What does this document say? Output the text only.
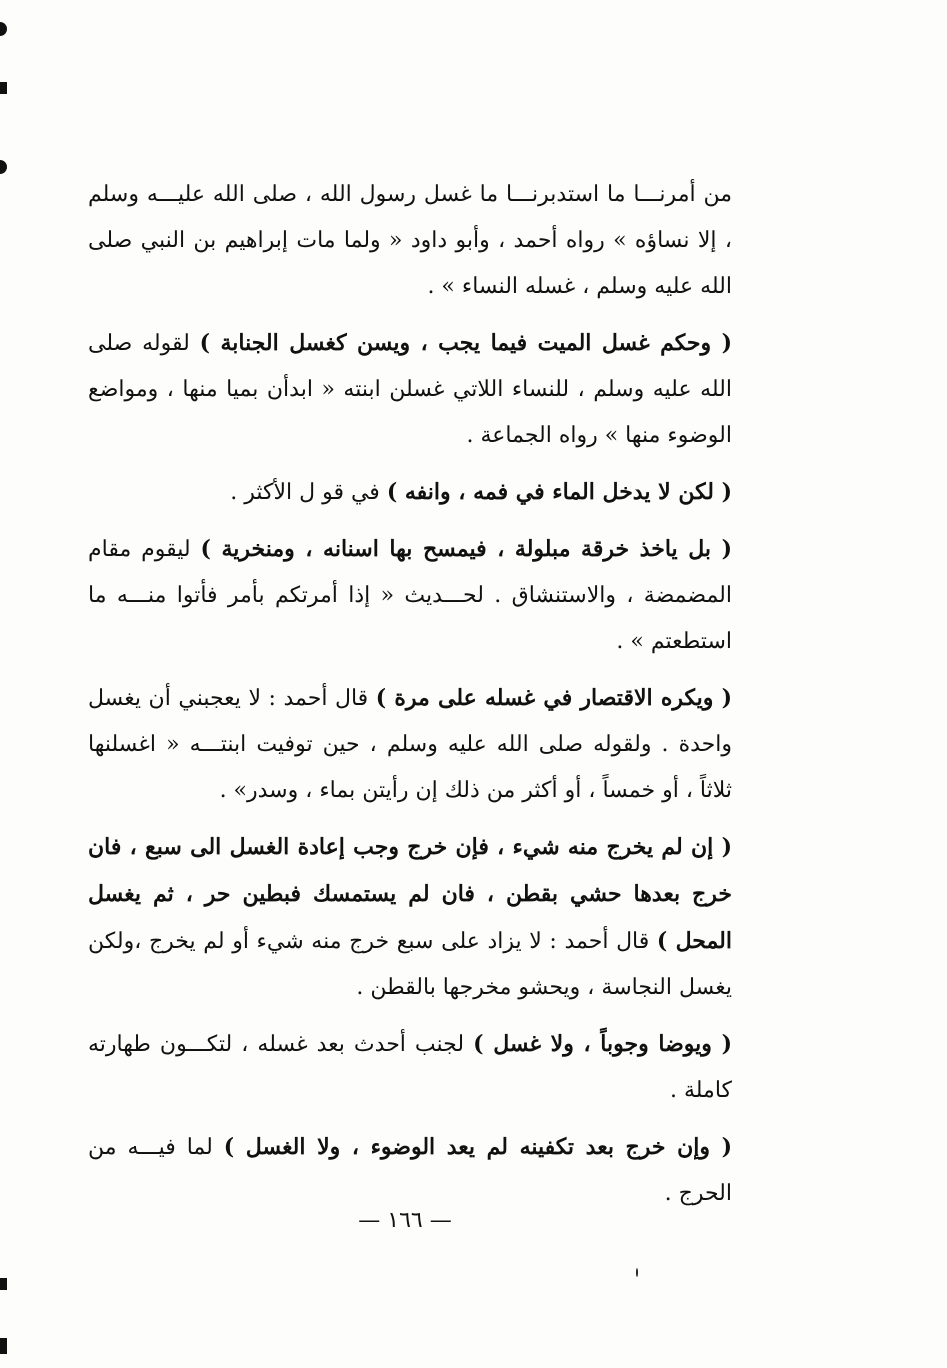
من أمرنـــا ما استدبرنـــا ما غسل رسول الله ، صلى الله عليـــه وسلم ، إلا نساؤه » رواه أحمد ، وأبو داود « ولما مات إبراهيم بن النبي صلى الله عليه وسلم ، غسله النساء » .

( وحكم غسل الميت فيما يجب ، ويسن كغسل الجنابة ) لقوله صلى الله عليه وسلم ، للنساء اللاتي غسلن ابنته « ابدأن بميا منها ، ومواضع الوضوء منها » رواه الجماعة .

( لكن لا يدخل الماء في فمه ، وانفه ) في قو ل الأكثر .

( بل ياخذ خرقة مبلولة ، فيمسح بها اسنانه ، ومنخرية ) ليقوم مقام المضمضة ، والاستنشاق . لحـــديث « إذا أمرتكم بأمر فأتوا منـــه ما استطعتم » .

( ويكره الاقتصار في غسله على مرة ) قال أحمد : لا يعجبني أن يغسل واحدة . ولقوله صلى الله عليه وسلم ، حين توفيت ابنتـــه « اغسلنها ثلاثاً ، أو خمساً ، أو أكثر من ذلك إن رأيتن بماء ، وسدر» .

( إن لم يخرج منه شيء ، فإن خرج وجب إعادة الغسل الى سبع ، فان خرج بعدها حشي بقطن ، فان لم يستمسك فبطين حر ، ثم يغسل المحل ) قال أحمد : لا يزاد على سبع خرج منه شيء أو لم يخرج ،ولكن يغسل النجاسة ، ويحشو مخرجها بالقطن .

( ويوضا وجوباً ، ولا غسل ) لجنب أحدث بعد غسله ، لتكـــون طهارته كاملة .

( وإن خرج بعد تكفينه لم يعد الوضوء ، ولا الغسل ) لما فيـــه من الحرج .

— ١٦٦ —
